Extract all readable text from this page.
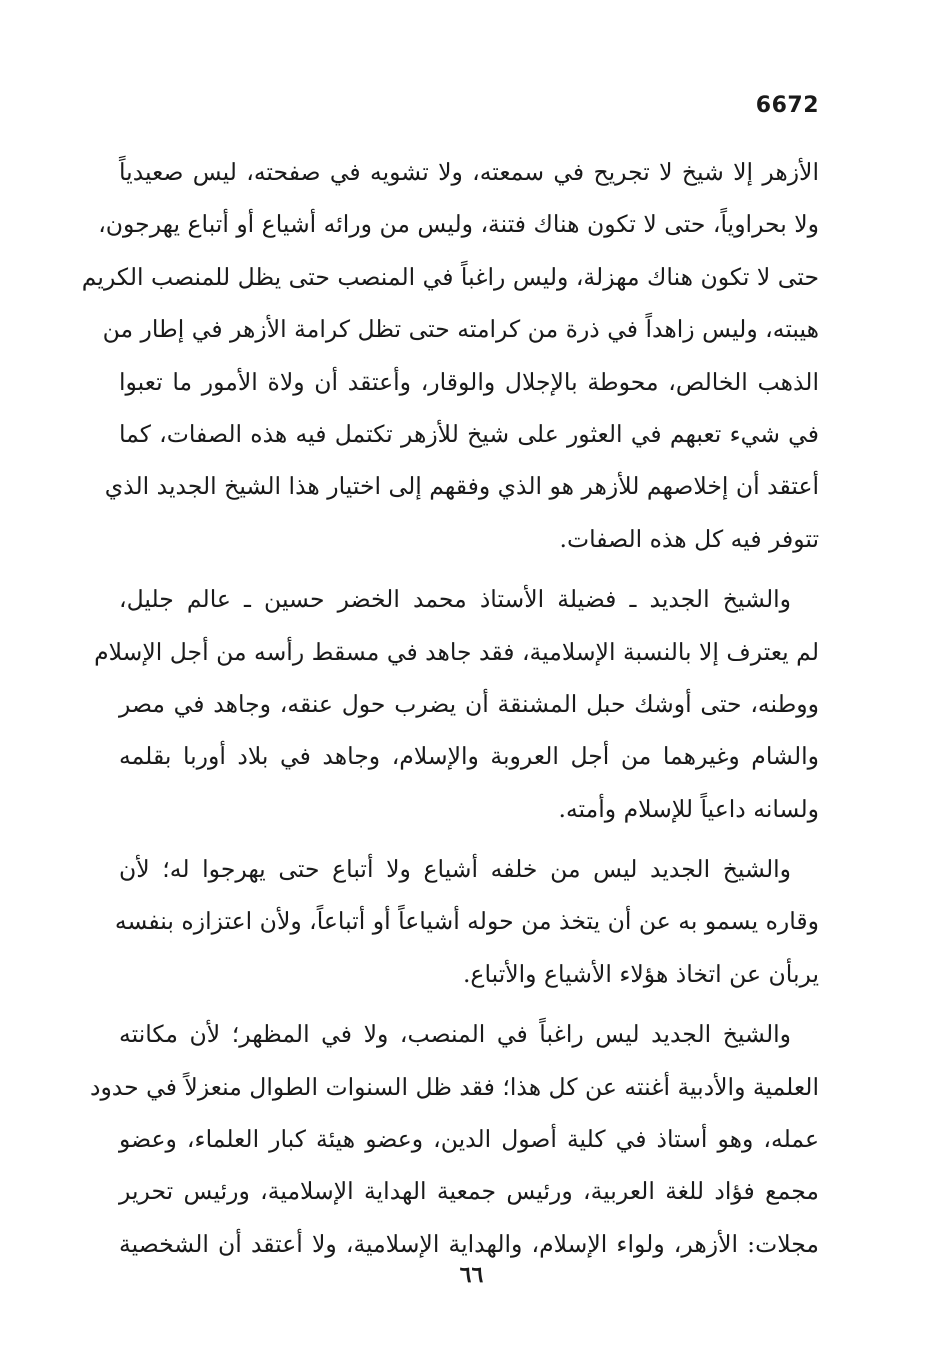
6672
الأزهر إلا شيخ لا تجريح في سمعته، ولا تشويه في صفحته، ليس صعيدياً
ولا بحراوياً، حتى لا تكون هناك فتنة، وليس من ورائه أشياع أو أتباع يهرجون،
حتى لا تكون هناك مهزلة، وليس راغباً في المنصب حتى يظل للمنصب الكريم
هيبته، وليس زاهداً في ذرة من كرامته حتى تظل كرامة الأزهر في إطار من
الذهب الخالص، محوطة بالإجلال والوقار، وأعتقد أن ولاة الأمور ما تعبوا
في شيء تعبهم في العثور على شيخ للأزهر تكتمل فيه هذه الصفات، كما
أعتقد أن إخلاصهم للأزهر هو الذي وفقهم إلى اختيار هذا الشيخ الجديد الذي
تتوفر فيه كل هذه الصفات.
والشيخ الجديد ـ فضيلة الأستاذ محمد الخضر حسين ـ عالم جليل،
لم يعترف إلا بالنسبة الإسلامية، فقد جاهد في مسقط رأسه من أجل الإسلام
ووطنه، حتى أوشك حبل المشنقة أن يضرب حول عنقه، وجاهد في مصر
والشام وغيرهما من أجل العروبة والإسلام، وجاهد في بلاد أوربا بقلمه
ولسانه داعياً للإسلام وأمته.
والشيخ الجديد ليس من خلفه أشياع ولا أتباع حتى يهرجوا له؛ لأن
وقاره يسمو به عن أن يتخذ من حوله أشياعاً أو أتباعاً، ولأن اعتزازه بنفسه
يربأن عن اتخاذ هؤلاء الأشياع والأتباع.
والشيخ الجديد ليس راغباً في المنصب، ولا في المظهر؛ لأن مكانته
العلمية والأدبية أغنته عن كل هذا؛ فقد ظل السنوات الطوال منعزلاً في حدود
عمله، وهو أستاذ في كلية أصول الدين، وعضو هيئة كبار العلماء، وعضو
مجمع فؤاد للغة العربية، ورئيس جمعية الهداية الإسلامية، ورئيس تحرير
مجلات: الأزهر، ولواء الإسلام، والهداية الإسلامية، ولا أعتقد أن الشخصية
٦٦
